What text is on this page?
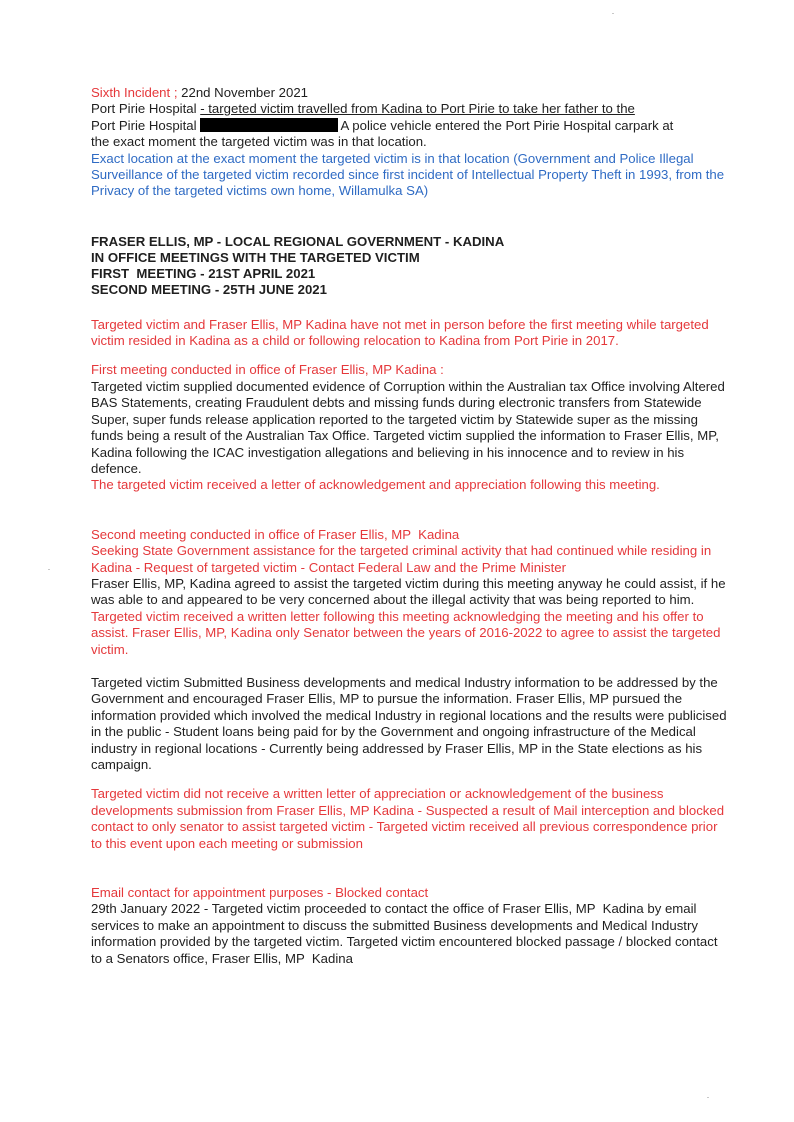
Sixth Incident ; 22nd November 2021

Port Pirie Hospital - targeted victim travelled from Kadina to Port Pirie to take her father to the

Port Pirie Hospital	A police vehicle entered the Port Pirie Hospital carpark at

the exact moment the targeted victim was in that location.

Exact location at the exact moment the targeted victim is in that location (Government and Police Illegal Surveillance of the targeted victim recorded since first incident of Intellectual Property Theft in 1993, from the Privacy of the targeted victims own home, Willamulka SA)

FRASER ELLIS, MP - LOCAL REGIONAL GOVERNMENT - KADINA
IN OFFICE MEETINGS WITH THE TARGETED VICTIM
FIRST  MEETING - 21ST APRIL 2021
SECOND MEETING - 25TH JUNE 2021

Targeted victim and Fraser Ellis, MP Kadina have not met in person before the first meeting while targeted victim resided in Kadina as a child or following relocation to Kadina from Port Pirie in 2017.

First meeting conducted in office of Fraser Ellis, MP Kadina :

Targeted victim supplied documented evidence of Corruption within the Australian tax Office involving Altered BAS Statements, creating Fraudulent debts and missing funds during electronic transfers from Statewide Super, super funds release application reported to the targeted victim by Statewide super as the missing funds being a result of the Australian Tax Office. Targeted victim supplied the information to Fraser Ellis, MP, Kadina following the ICAC investigation allegations and believing in his innocence and to review in his defence.

The targeted victim received a letter of acknowledgement and appreciation following this meeting.

Second meeting conducted in office of Fraser Ellis, MP  Kadina

Seeking State Government assistance for the targeted criminal activity that had continued while residing in Kadina - Request of targeted victim - Contact Federal Law and the Prime Minister

Fraser Ellis, MP, Kadina agreed to assist the targeted victim during this meeting anyway he could assist, if he was able to and appeared to be very concerned about the illegal activity that was being reported to him.

Targeted victim received a written letter following this meeting acknowledging the meeting and his offer to assist. Fraser Ellis, MP, Kadina only Senator between the years of 2016-2022 to agree to assist the targeted victim.

Targeted victim Submitted Business developments and medical Industry information to be addressed by the Government and encouraged Fraser Ellis, MP to pursue the information. Fraser Ellis, MP pursued the information provided which involved the medical Industry in regional locations and the results were publicised in the public - Student loans being paid for by the Government and ongoing infrastructure of the Medical industry in regional locations - Currently being addressed by Fraser Ellis, MP in the State elections as his campaign.

Targeted victim did not receive a written letter of appreciation or acknowledgement of the business developments submission from Fraser Ellis, MP Kadina - Suspected a result of Mail interception and blocked contact to only senator to assist targeted victim - Targeted victim received all previous correspondence prior to this event upon each meeting or submission

Email contact for appointment purposes - Blocked contact

29th January 2022 - Targeted victim proceeded to contact the office of Fraser Ellis, MP  Kadina by email services to make an appointment to discuss the submitted Business developments and Medical Industry information provided by the targeted victim. Targeted victim encountered blocked passage / blocked contact to a Senators office, Fraser Ellis, MP  Kadina
